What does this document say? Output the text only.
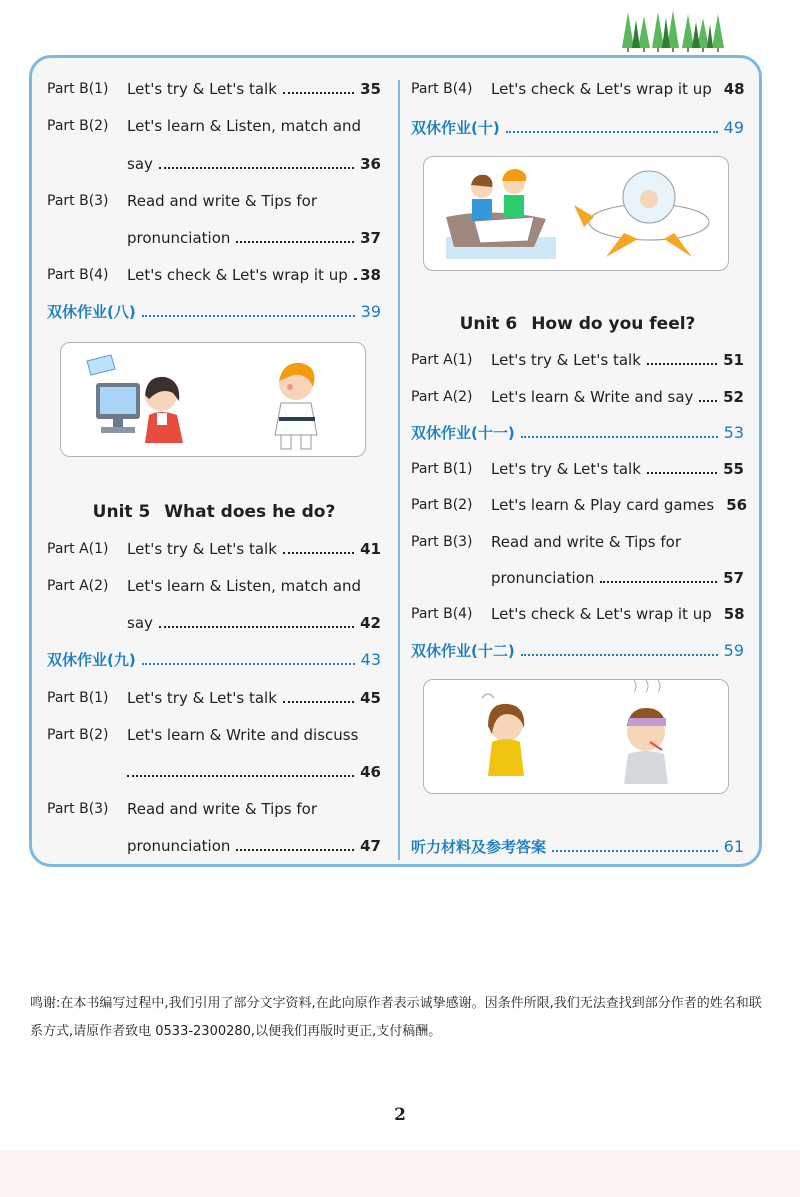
Part B(1)	Let's try & Let's talk	35
Part B(2)	Let's learn & Listen, match and
say	36
Part B(3)	Read and write & Tips for
pronunciation	37
Part B(4)	Let's check & Let's wrap it up 38
双休作业(八)	39
Unit 5 What does he do?
Part A(1)	Let's try & Let's talk	41
Part A(2)	Let's learn & Listen, match and
say	42
双休作业(九)	43
Part B(1)	Let's try & Let's talk	45
Part B(2)	Let's learn & Write and discuss
46
Part B(3)	Read and write & Tips for
pronunciation	47
Part B(4)	Let's check & Let's wrap it up 48
双休作业(十)	49
Unit 6 How do you feel?
Part A(1)	Let's try & Let's talk	51
Part A(2)	Let's learn & Write and say 52
双休作业(十一)	53
Part B(1)	Let's try & Let's talk	55
Part B(2)	Let's learn & Play card games 56
Part B(3)	Read and write & Tips for
pronunciation	57
Part B(4)	Let's check & Let's wrap it up 58
双休作业(十二)	59
听力材料及参考答案	61
鸣谢:在本书编写过程中,我们引用了部分文字资料,在此向原作者表示诚挚感谢。因条件所限,我们无法查找到部分作者的姓名和联系方式,请原作者致电 0533-2300280,以便我们再版时更正,支付稿酬。
2
